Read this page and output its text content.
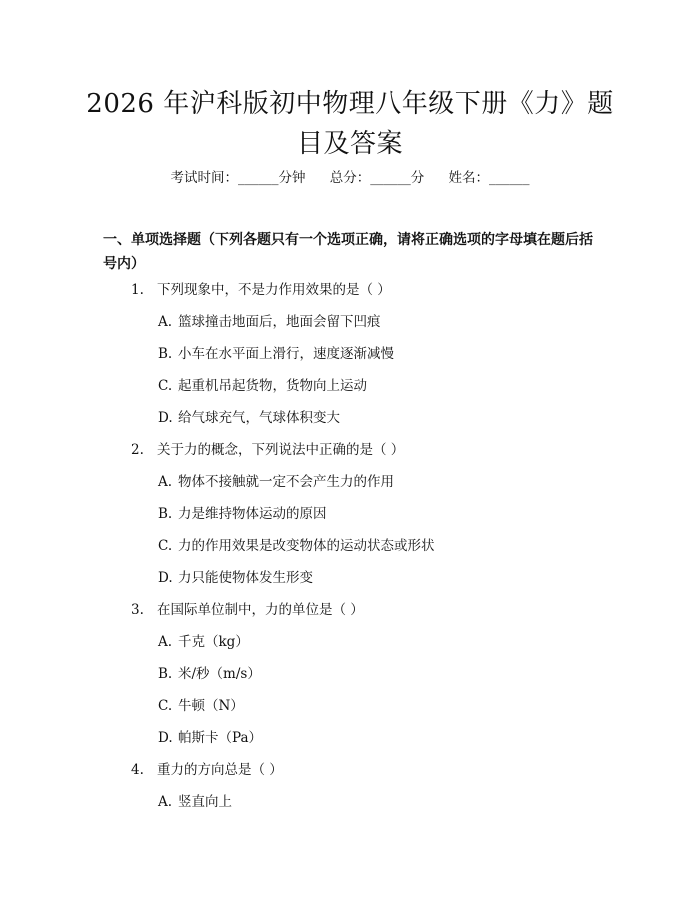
2026 年沪科版初中物理八年级下册《力》题
目及答案
考试时间：______分钟 总分：______分 姓名：______
一、单项选择题（下列各题只有一个选项正确，请将正确选项的字母填在题后括号内）
1. 下列现象中，不是力作用效果的是（ ）
A. 篮球撞击地面后，地面会留下凹痕
B. 小车在水平面上滑行，速度逐渐减慢
C. 起重机吊起货物，货物向上运动
D. 给气球充气，气球体积变大
2. 关于力的概念，下列说法中正确的是（ ）
A. 物体不接触就一定不会产生力的作用
B. 力是维持物体运动的原因
C. 力的作用效果是改变物体的运动状态或形状
D. 力只能使物体发生形变
3. 在国际单位制中，力的单位是（ ）
A. 千克（kg）
B. 米/秒（m/s）
C. 牛顿（N）
D. 帕斯卡（Pa）
4. 重力的方向总是（ ）
A. 竖直向上
